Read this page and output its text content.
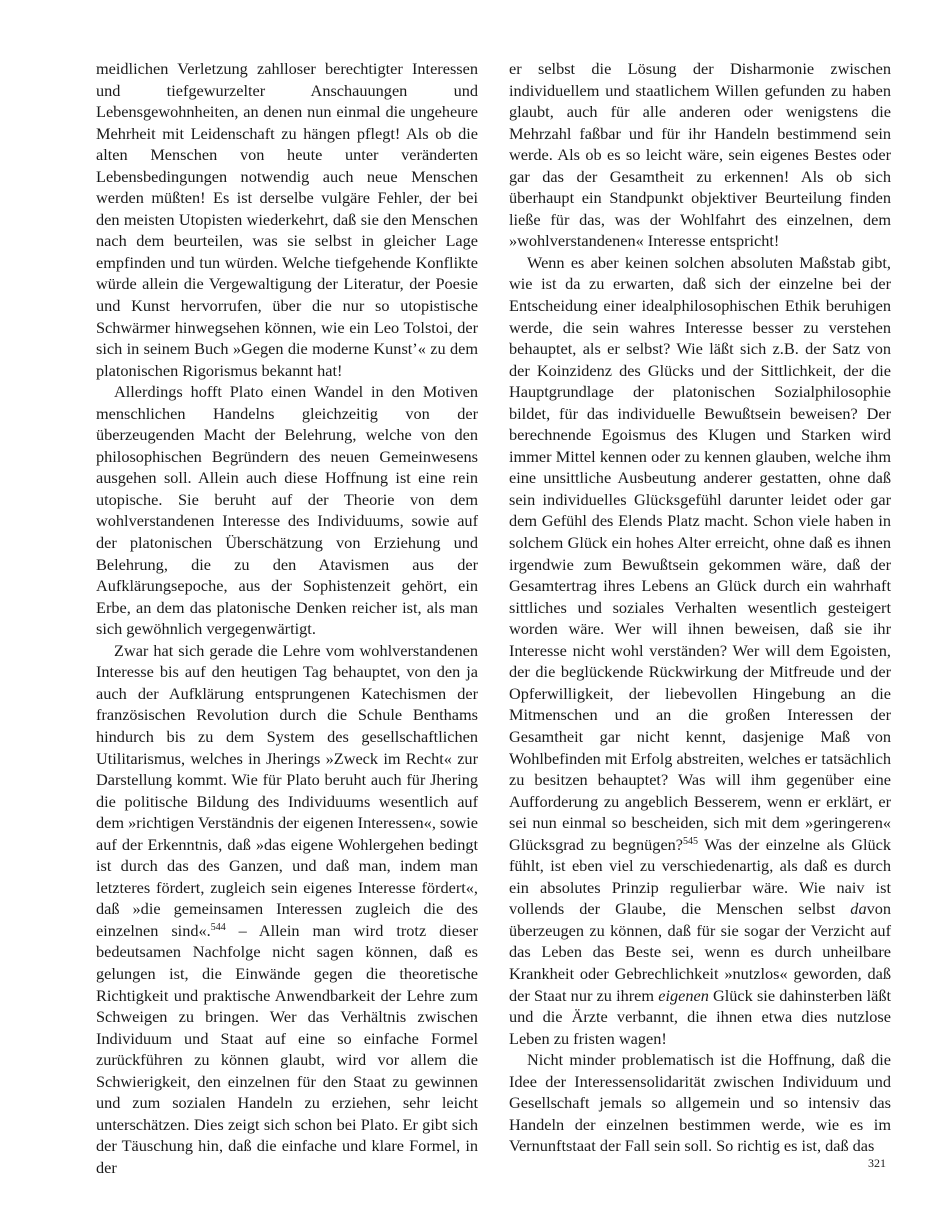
meidlichen Verletzung zahlloser berechtigter Interessen und tiefgewurzelter Anschauungen und Lebensgewohnheiten, an denen nun einmal die ungeheure Mehrheit mit Leidenschaft zu hängen pflegt! Als ob die alten Menschen von heute unter veränderten Lebensbedingungen notwendig auch neue Menschen werden müßten! Es ist derselbe vulgäre Fehler, der bei den meisten Utopisten wiederkehrt, daß sie den Menschen nach dem beurteilen, was sie selbst in gleicher Lage empfinden und tun würden. Welche tiefgehende Konflikte würde allein die Vergewaltigung der Literatur, der Poesie und Kunst hervorrufen, über die nur so utopistische Schwärmer hinwegsehen können, wie ein Leo Tolstoi, der sich in seinem Buch »Gegen die moderne Kunst’« zu dem platonischen Rigorismus bekannt hat!

Allerdings hofft Plato einen Wandel in den Motiven menschlichen Handelns gleichzeitig von der überzeugenden Macht der Belehrung, welche von den philosophischen Begründern des neuen Gemeinwesens ausgehen soll. Allein auch diese Hoffnung ist eine rein utopische. Sie beruht auf der Theorie von dem wohlverstandenen Interesse des Individuums, sowie auf der platonischen Überschätzung von Erziehung und Belehrung, die zu den Atavismen aus der Aufklärungsepoche, aus der Sophistenzeit gehört, ein Erbe, an dem das platonische Denken reicher ist, als man sich gewöhnlich vergegenwärtigt.

Zwar hat sich gerade die Lehre vom wohlverstandenen Interesse bis auf den heutigen Tag behauptet, von den ja auch der Aufklärung entsprungenen Katechismen der französischen Revolution durch die Schule Benthams hindurch bis zu dem System des gesellschaftlichen Utilitarismus, welches in Jherings »Zweck im Recht« zur Darstellung kommt. Wie für Plato beruht auch für Jhering die politische Bildung des Individuums wesentlich auf dem »richtigen Verständnis der eigenen Interessen«, sowie auf der Erkenntnis, daß »das eigene Wohlergehen bedingt ist durch das des Ganzen, und daß man, indem man letzteres fördert, zugleich sein eigenes Interesse fördert«, daß »die gemeinsamen Interessen zugleich die des einzelnen sind«.$^{544}$ – Allein man wird trotz dieser bedeutsamen Nachfolge nicht sagen können, daß es gelungen ist, die Einwände gegen die theoretische Richtigkeit und praktische Anwendbarkeit der Lehre zum Schweigen zu bringen. Wer das Verhältnis zwischen Individuum und Staat auf eine so einfache Formel zurückführen zu können glaubt, wird vor allem die Schwierigkeit, den einzelnen für den Staat zu gewinnen und zum sozialen Handeln zu erziehen, sehr leicht unterschätzen. Dies zeigt sich schon bei Plato. Er gibt sich der Täuschung hin, daß die einfache und klare Formel, in der

er selbst die Lösung der Disharmonie zwischen individuellem und staatlichem Willen gefunden zu haben glaubt, auch für alle anderen oder wenigstens die Mehrzahl faßbar und für ihr Handeln bestimmend sein werde. Als ob es so leicht wäre, sein eigenes Bestes oder gar das der Gesamtheit zu erkennen! Als ob sich überhaupt ein Standpunkt objektiver Beurteilung finden ließe für das, was der Wohlfahrt des einzelnen, dem »wohlverstandenen« Interesse entspricht!

Wenn es aber keinen solchen absoluten Maßstab gibt, wie ist da zu erwarten, daß sich der einzelne bei der Entscheidung einer idealphilosophischen Ethik beruhigen werde, die sein wahres Interesse besser zu verstehen behauptet, als er selbst? Wie läßt sich z.B. der Satz von der Koinzidenz des Glücks und der Sittlichkeit, der die Hauptgrundlage der platonischen Sozialphilosophie bildet, für das individuelle Bewußtsein beweisen? Der berechnende Egoismus des Klugen und Starken wird immer Mittel kennen oder zu kennen glauben, welche ihm eine unsittliche Ausbeutung anderer gestatten, ohne daß sein individuelles Glücksgefühl darunter leidet oder gar dem Gefühl des Elends Platz macht. Schon viele haben in solchem Glück ein hohes Alter erreicht, ohne daß es ihnen irgendwie zum Bewußtsein gekommen wäre, daß der Gesamtertrag ihres Lebens an Glück durch ein wahrhaft sittliches und soziales Verhalten wesentlich gesteigert worden wäre. Wer will ihnen beweisen, daß sie ihr Interesse nicht wohl verständen? Wer will dem Egoisten, der die beglückende Rückwirkung der Mitfreude und der Opferwilligkeit, der liebevollen Hingebung an die Mitmenschen und an die großen Interessen der Gesamtheit gar nicht kennt, dasjenige Maß von Wohlbefinden mit Erfolg abstreiten, welches er tatsächlich zu besitzen behauptet? Was will ihm gegenüber eine Aufforderung zu angeblich Besserem, wenn er erklärt, er sei nun einmal so bescheiden, sich mit dem »geringeren« Glücksgrad zu begnügen?$^{545}$ Was der einzelne als Glück fühlt, ist eben viel zu verschiedenartig, als daß es durch ein absolutes Prinzip regulierbar wäre. Wie naiv ist vollends der Glaube, die Menschen selbst davon überzeugen zu können, daß für sie sogar der Verzicht auf das Leben das Beste sei, wenn es durch unheilbare Krankheit oder Gebrechlichkeit »nutzlos« geworden, daß der Staat nur zu ihrem eigenen Glück sie dahinsterben läßt und die Ärzte verbannt, die ihnen etwa dies nutzlose Leben zu fristen wagen!

Nicht minder problematisch ist die Hoffnung, daß die Idee der Interessensolidarität zwischen Individuum und Gesellschaft jemals so allgemein und so intensiv das Handeln der einzelnen bestimmen werde, wie es im Vernunftstaat der Fall sein soll. So richtig es ist, daß das

321
